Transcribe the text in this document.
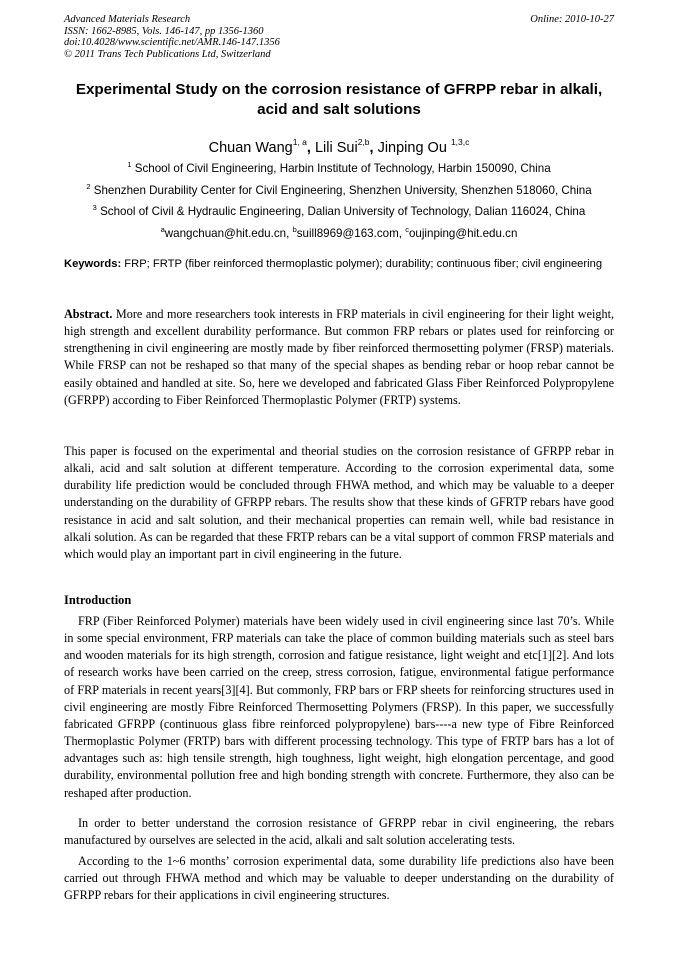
Advanced Materials Research
ISSN: 1662-8985, Vols. 146-147, pp 1356-1360
doi:10.4028/www.scientific.net/AMR.146-147.1356
© 2011 Trans Tech Publications Ltd, Switzerland
Online: 2010-10-27
Experimental Study on the corrosion resistance of GFRPP rebar in alkali, acid and salt solutions
Chuan Wang$^{1, a}$, Lili Sui$^{2,b}$, Jinping Ou $^{1,3,c}$
$^1$ School of Civil Engineering, Harbin Institute of Technology, Harbin 150090, China
$^2$ Shenzhen Durability Center for Civil Engineering, Shenzhen University, Shenzhen 518060, China
$^3$ School of Civil & Hydraulic Engineering, Dalian University of Technology, Dalian 116024, China
$^a$wangchuan@hit.edu.cn, $^b$suill8969@163.com, $^c$oujinping@hit.edu.cn
Keywords: FRP; FRTP (fiber reinforced thermoplastic polymer); durability; continuous fiber; civil engineering
Abstract. More and more researchers took interests in FRP materials in civil engineering for their light weight, high strength and excellent durability performance. But common FRP rebars or plates used for reinforcing or strengthening in civil engineering are mostly made by fiber reinforced thermosetting polymer (FRSP) materials. While FRSP can not be reshaped so that many of the special shapes as bending rebar or hoop rebar cannot be easily obtained and handled at site. So, here we developed and fabricated Glass Fiber Reinforced Polypropylene (GFRPP) according to Fiber Reinforced Thermoplastic Polymer (FRTP) systems.
This paper is focused on the experimental and theorial studies on the corrosion resistance of GFRPP rebar in alkali, acid and salt solution at different temperature. According to the corrosion experimental data, some durability life prediction would be concluded through FHWA method, and which may be valuable to a deeper understanding on the durability of GFRPP rebars. The results show that these kinds of GFRTP rebars have good resistance in acid and salt solution, and their mechanical properties can remain well, while bad resistance in alkali solution. As can be regarded that these FRTP rebars can be a vital support of common FRSP materials and which would play an important part in civil engineering in the future.
Introduction
FRP (Fiber Reinforced Polymer) materials have been widely used in civil engineering since last 70’s. While in some special environment, FRP materials can take the place of common building materials such as steel bars and wooden materials for its high strength, corrosion and fatigue resistance, light weight and etc[1][2]. And lots of research works have been carried on the creep, stress corrosion, fatigue, environmental fatigue performance of FRP materials in recent years[3][4]. But commonly, FRP bars or FRP sheets for reinforcing structures used in civil engineering are mostly Fibre Reinforced Thermosetting Polymers (FRSP). In this paper, we successfully fabricated GFRPP (continuous glass fibre reinforced polypropylene) bars----a new type of Fibre Reinforced Thermoplastic Polymer (FRTP) bars with different processing technology. This type of FRTP bars has a lot of advantages such as: high tensile strength, high toughness, light weight, high elongation percentage, and good durability, environmental pollution free and high bonding strength with concrete. Furthermore, they also can be reshaped after production.
In order to better understand the corrosion resistance of GFRPP rebar in civil engineering, the rebars manufactured by ourselves are selected in the acid, alkali and salt solution accelerating tests.
According to the 1~6 months’ corrosion experimental data, some durability life predictions also have been carried out through FHWA method and which may be valuable to deeper understanding on the durability of GFRPP rebars for their applications in civil engineering structures.
